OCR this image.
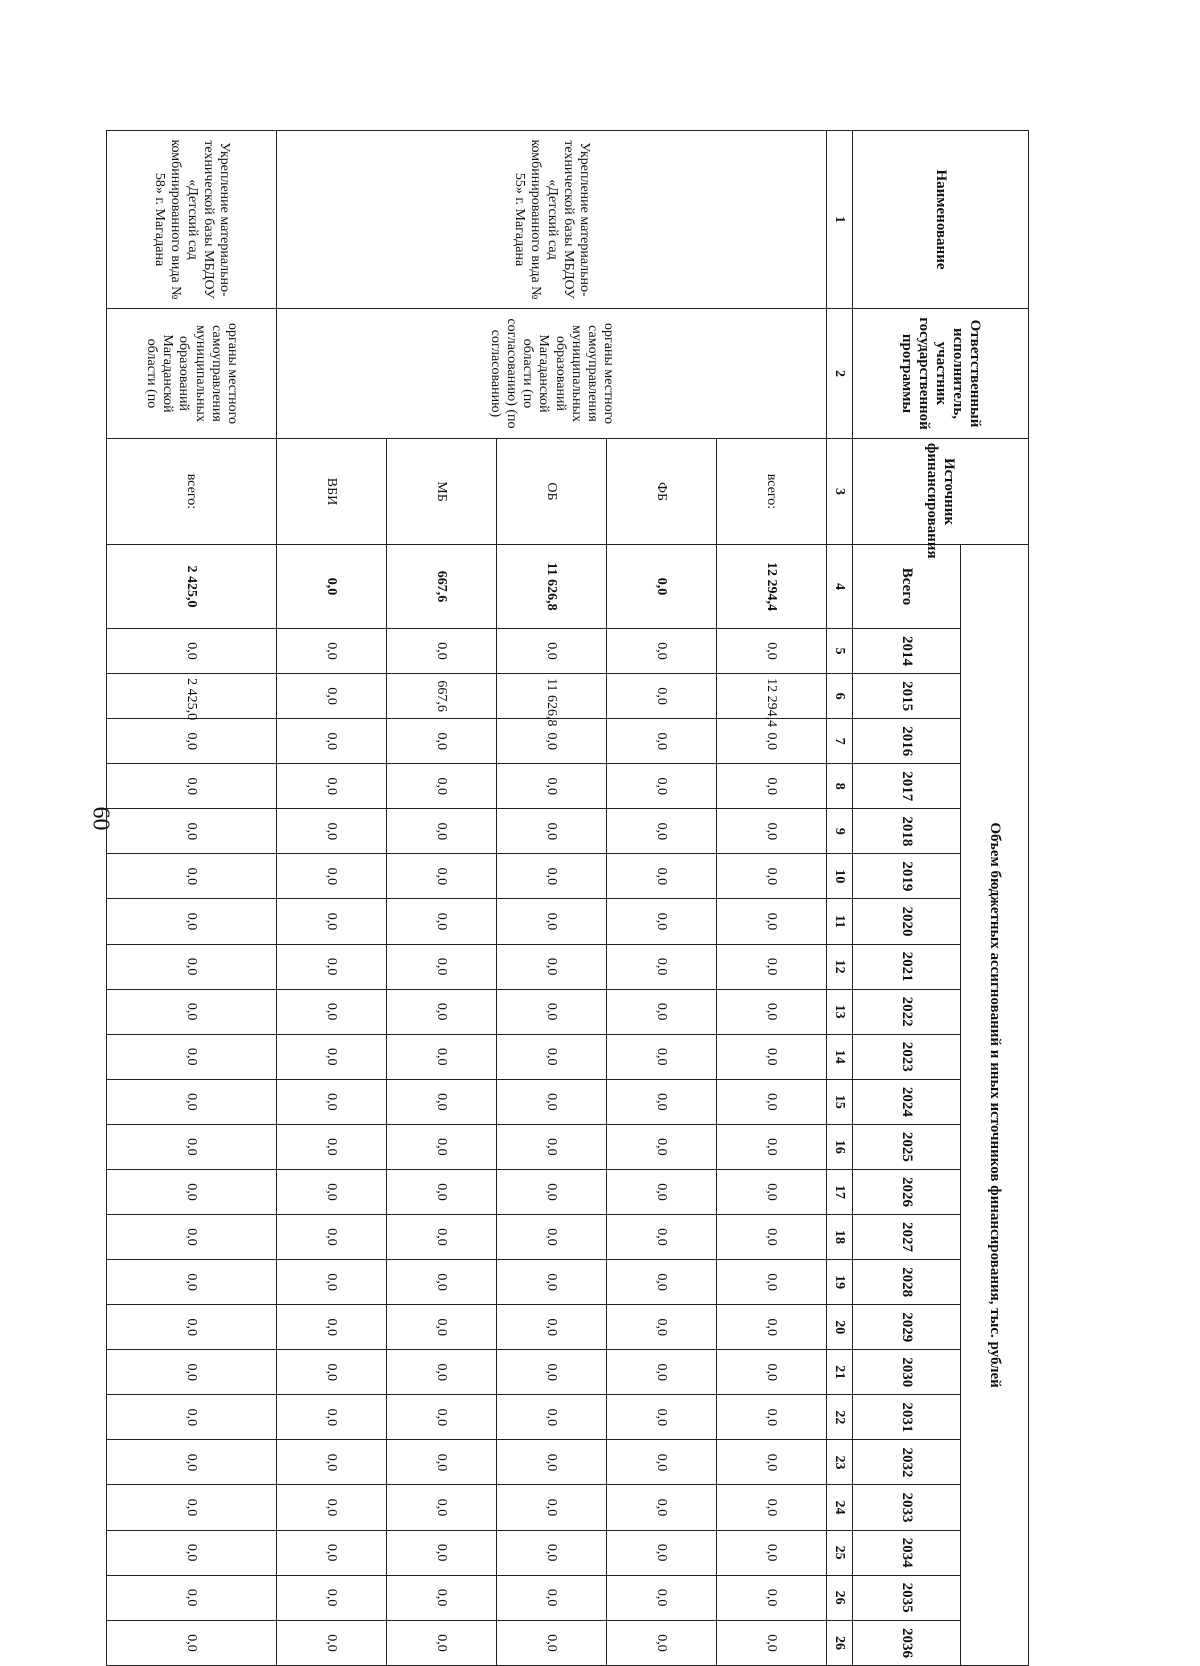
60
Наименование	Ответственный исполнитель, участник государственной программы	Источник финансирования	Объем бюджетных ассигнований и иных источников финансирования, тыс. рублей																							
			Всего	2014	2015	2016	2017	2018	2019	2020	2021	2022	2023	2024	2025	2026	2027	2028	2029	2030	2031	2032	2033	2034	2035	2036
1	2	3	4	5	6	7	8	9	10	11	12	13	14	15	16	17	18	19	20	21	22	23	24	25	26	26
Укрепление материально-технической базы МБДОУ «Детский сад комбинированного вида № 55» г. Магадана	органы местного самоуправления муниципальных образований Магаданской области (по согласованию) (по согласованию)	всего:	12 294,4	0,0	12 294,4	0,0	0,0	0,0	0,0	0,0	0,0	0,0	0,0	0,0	0,0	0,0	0,0	0,0	0,0	0,0	0,0	0,0	0,0	0,0	0,0	0,0
		ФБ	0,0	0,0	0,0	0,0	0,0	0,0	0,0	0,0	0,0	0,0	0,0	0,0	0,0	0,0	0,0	0,0	0,0	0,0	0,0	0,0	0,0	0,0	0,0	0,0
		ОБ	11 626,8	0,0	11 626,8	0,0	0,0	0,0	0,0	0,0	0,0	0,0	0,0	0,0	0,0	0,0	0,0	0,0	0,0	0,0	0,0	0,0	0,0	0,0	0,0	0,0
		МБ	667,6	0,0	667,6	0,0	0,0	0,0	0,0	0,0	0,0	0,0	0,0	0,0	0,0	0,0	0,0	0,0	0,0	0,0	0,0	0,0	0,0	0,0	0,0	0,0
		ВБИ	0,0	0,0	0,0	0,0	0,0	0,0	0,0	0,0	0,0	0,0	0,0	0,0	0,0	0,0	0,0	0,0	0,0	0,0	0,0	0,0	0,0	0,0	0,0	0,0
Укрепление материально-технической базы МБДОУ «Детский сад комбинированного вида № 58» г. Магадана	органы местного самоуправления муниципальных образований Магаданской области (по	всего:	2 425,0	0,0	2 425,0	0,0	0,0	0,0	0,0	0,0	0,0	0,0	0,0	0,0	0,0	0,0	0,0	0,0	0,0	0,0	0,0	0,0	0,0	0,0	0,0	0,0
